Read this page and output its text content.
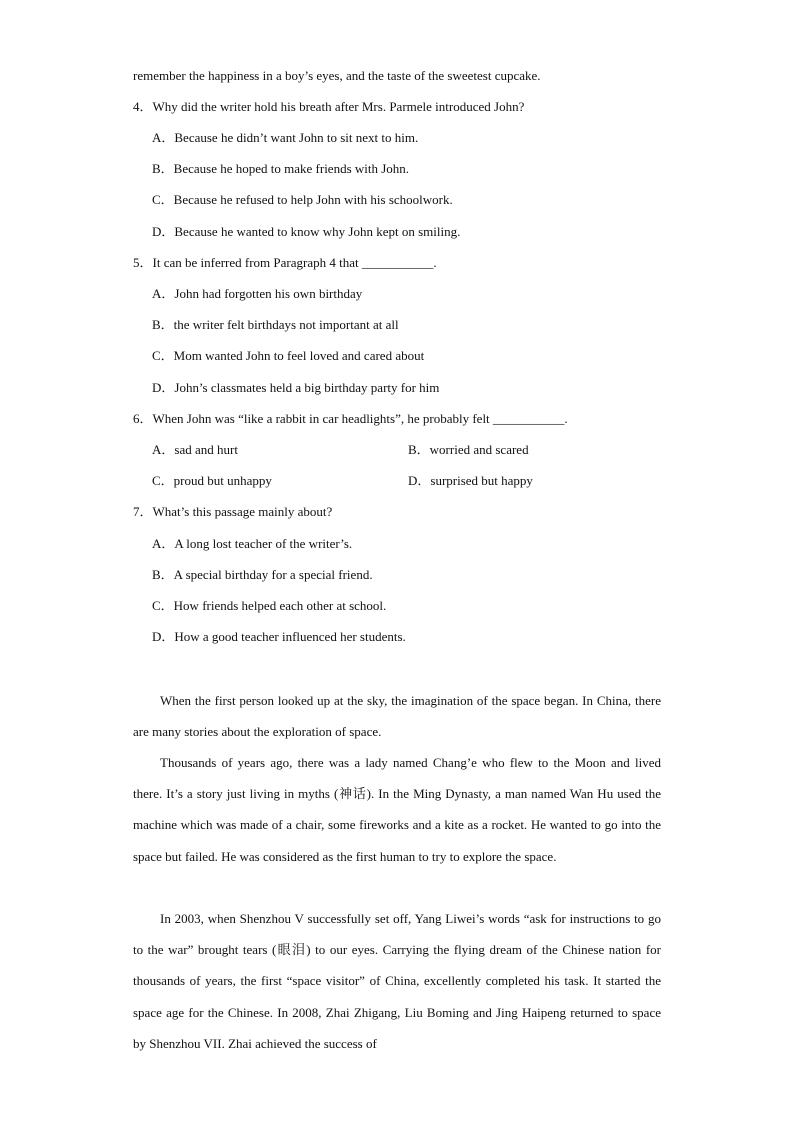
remember the happiness in a boy’s eyes, and the taste of the sweetest cupcake.
4．Why did the writer hold his breath after Mrs. Parmele introduced John?
A．Because he didn’t want John to sit next to him.
B．Because he hoped to make friends with John.
C．Because he refused to help John with his schoolwork.
D．Because he wanted to know why John kept on smiling.
5．It can be inferred from Paragraph 4 that ___________.
A．John had forgotten his own birthday
B．the writer felt birthdays not important at all
C．Mom wanted John to feel loved and cared about
D．John’s classmates held a big birthday party for him
6．When John was “like a rabbit in car headlights”, he probably felt ___________.
A．sad and hurt	B．worried and scared
C．proud but unhappy	D．surprised but happy
7．What’s this passage mainly about?
A．A long lost teacher of the writer’s.
B．A special birthday for a special friend.
C．How friends helped each other at school.
D．How a good teacher influenced her students.

When the first person looked up at the sky, the imagination of the space began. In China, there are many stories about the exploration of space.

Thousands of years ago, there was a lady named Chang’e who flew to the Moon and lived there. It’s a story just living in myths (神话). In the Ming Dynasty, a man named Wan Hu used the machine which was made of a chair, some fireworks and a kite as a rocket. He wanted to go into the space but failed. He was considered as the first human to try to explore the space.

In 2003, when Shenzhou V successfully set off, Yang Liwei’s words “ask for instructions to go to the war” brought tears (眼泪) to our eyes. Carrying the flying dream of the Chinese nation for thousands of years, the first “space visitor” of China, excellently completed his task. It started the space age for the Chinese. In 2008, Zhai Zhigang, Liu Boming and Jing Haipeng returned to space by Shenzhou VII. Zhai achieved the success of
